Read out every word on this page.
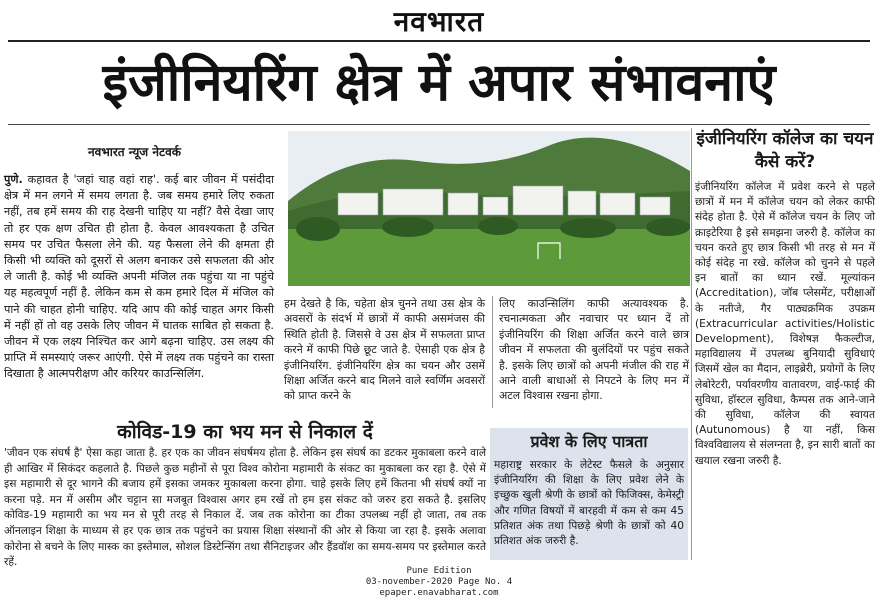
नवभारत
इंजीनियरिंग क्षेत्र में अपार संभावनाएं
नवभारत न्यूज नेटवर्क
पुणे. कहावत है 'जहां चाह वहां राह'. कई बार जीवन में पसंदीदा क्षेत्र में मन लगने में समय लगता है. जब समय हमारे लिए रुकता नहीं, तब हमें समय की राह देखनी चाहिए या नहीं? वैसे देखा जाए तो हर एक क्षण उचित ही होता है. केवल आवश्यकता है उचित समय पर उचित फैसला लेने की. यह फैसला लेने की क्षमता ही किसी भी व्यक्ति को दूसरों से अलग बनाकर उसे सफलता की ओर ले जाती है. कोई भी व्यक्ति अपनी मंजिल तक पहुंचा या ना पहुंचे यह महत्वपूर्ण नहीं है. लेकिन कम से कम हमारे दिल में मंजिल को पाने की चाहत होनी चाहिए. यदि आप की कोई चाहत अगर किसी में नहीं हों तो वह उसके लिए जीवन में घातक साबित हो सकता है. जीवन में एक लक्ष्य निश्चित कर आगे बढ़ना चाहिए. उस लक्ष्य की प्राप्ति में समस्याएं जरूर आएंगी. ऐसे में लक्ष्य तक पहुंचने का रास्ता दिखाता है आत्मपरीक्षण और करियर काउन्सिलिंग.
हम देखते है कि, चहेता क्षेत्र चुनने तथा उस क्षेत्र के अवसरों के संदर्भ में छात्रों में काफी असमंजस की स्थिति होती है. जिससे वे उस क्षेत्र में सफलता प्राप्त करने में काफी पिछे छूट जाते है. ऐसाही एक क्षेत्र है इंजीनियरिंग. इंजीनियरिंग क्षेत्र का चयन और उसमें शिक्षा अर्जित करने बाद मिलने वाले स्वर्णिम अवसरों को प्राप्त करने के
लिए काउन्सिलिंग काफी अत्यावश्यक है. रचनात्मकता और नवाचार पर ध्यान दें तो इंजीनियरिंग की शिक्षा अर्जित करने वाले छात्र जीवन में सफलता की बुलंदियों पर पहुंच सकते है. इसके लिए छात्रों को अपनी मंजील की राह में आने वाली बाधाओं से निपटने के लिए मन में अटल विश्वास रखना होगा.
इंजीनियरिंग कॉलेज का चयन कैसे करें?
इंजीनियरिंग कॉलेज में प्रवेश करने से पहले छात्रों में मन में कॉलेज चयन को लेकर काफी संदेह होता है. ऐसे में कॉलेज चयन के लिए जो क्राइटेरिया है इसे समझना जरुरी है. कॉलेज का चयन करते हुए छात्र किसी भी तरह से मन में कोई संदेह ना रखे. कॉलेज को चुनने से पहले इन बातों का ध्यान रखें. मूल्यांकन (Accreditation), जॉब प्लेसमेंट, परीक्षाओं के नतीजे, गैर पाठ्यक्रमिक उपक्रम (Extracurricular activities/Holistic Development), विशेषज्ञ फैकल्टीज, महाविद्यालय में उपलब्ध बुनियादी सुविधाएं जिसमें खेल का मैदान, लाइब्रेरी, प्रयोगों के लिए लेबोरेटरी, पर्यावरणीय वातावरण, वाई-फाई की सुविधा, हॉस्टल सुविधा, कैम्पस तक आने-जाने की सुविधा, कॉलेज की स्वायत (Autunomous) है या नहीं, किस विश्वविद्यालय से संलग्नता है, इन सारी बातों का खयाल रखना जरुरी है.
कोविड-19 का भय मन से निकाल दें
'जीवन एक संघर्ष है' ऐसा कहा जाता है. हर एक का जीवन संघर्षमय होता है. लेकिन इस संघर्ष का डटकर मुकाबला करने वाले ही आखिर में सिकंदर कहलाते है. पिछले कुछ महीनों से पूरा विश्व कोरोना महामारी के संकट का मुकाबला कर रहा है. ऐसे में इस महामारी से दूर भागने की बजाय हमें इसका जमकर मुकाबला करना होगा. चाहे इसके लिए हमें कितना भी संघर्ष क्यों ना करना पड़े. मन में असीम और चट्टान सा मजबूत विश्वास अगर हम रखें तो हम इस संकट को जरुर हरा सकते है. इसलिए कोविड-19 महामारी का भय मन से पूरी तरह से निकाल दें. जब तक कोरोना का टीका उपलब्ध नहीं हो जाता, तब तक ऑनलाइन शिक्षा के माध्यम से हर एक छात्र तक पहुंचने का प्रयास शिक्षा संस्थानों की ओर से किया जा रहा है. इसके अलावा कोरोना से बचने के लिए मास्क का इस्तेमाल, सोशल डिस्टेन्सिंग तथा सैनिटाइजर और हैंडवॉश का समय-समय पर इस्तेमाल करते रहें.
प्रवेश के लिए पात्रता
महाराष्ट्र सरकार के लेटेस्ट फैसले के अनुसार इंजीनियरिंग की शिक्षा के लिए प्रवेश लेने के इच्छुक खुली श्रेणी के छात्रों को फिजिक्स, केमेस्ट्री और गणित विषयों में बारहवी में कम से कम 45 प्रतिशत अंक तथा पिछड़े श्रेणी के छात्रों को 40 प्रतिशत अंक जरुरी है.
Pune Edition
03-november-2020 Page No. 4
epaper.enavabharat.com
